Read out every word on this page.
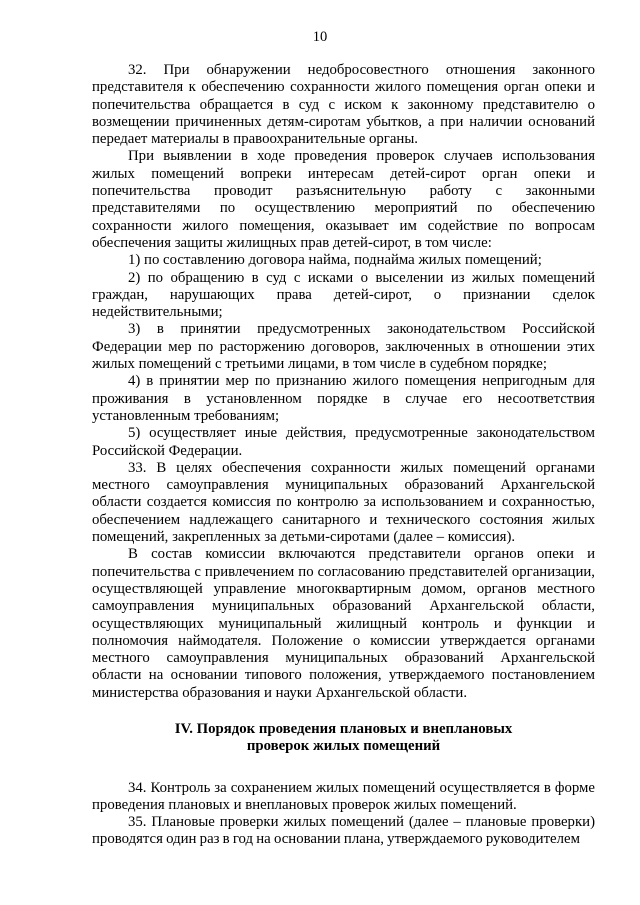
10

32. При обнаружении недобросовестного отношения законного представителя к обеспечению сохранности жилого помещения орган опеки и попечительства обращается в суд с иском к законному представителю о возмещении причиненных детям-сиротам убытков, а при наличии оснований передает материалы в правоохранительные органы.

При выявлении в ходе проведения проверок случаев использования жилых помещений вопреки интересам детей-сирот орган опеки и попечительства проводит разъяснительную работу с законными представителями по осуществлению мероприятий по обеспечению сохранности жилого помещения, оказывает им содействие по вопросам обеспечения защиты жилищных прав детей-сирот, в том числе:

1) по составлению договора найма, поднайма жилых помещений;

2) по обращению в суд с исками о выселении из жилых помещений граждан, нарушающих права детей-сирот, о признании сделок недействительными;

3) в принятии предусмотренных законодательством Российской Федерации мер по расторжению договоров, заключенных в отношении этих жилых помещений с третьими лицами, в том числе в судебном порядке;

4) в принятии мер по признанию жилого помещения непригодным для проживания в установленном порядке в случае его несоответствия установленным требованиям;

5) осуществляет иные действия, предусмотренные законодательством Российской Федерации.

33. В целях обеспечения сохранности жилых помещений органами местного самоуправления муниципальных образований Архангельской области создается комиссия по контролю за использованием и сохранностью, обеспечением надлежащего санитарного и технического состояния жилых помещений, закрепленных за детьми-сиротами (далее – комиссия).

В состав комиссии включаются представители органов опеки и попечительства с привлечением по согласованию представителей организации, осуществляющей управление многоквартирным домом, органов местного самоуправления муниципальных образований Архангельской области, осуществляющих муниципальный жилищный контроль и функции и полномочия наймодателя. Положение о комиссии утверждается органами местного самоуправления муниципальных образований Архангельской области на основании типового положения, утверждаемого постановлением министерства образования и науки Архангельской области.

IV. Порядок проведения плановых и внеплановых
проверок жилых помещений

34. Контроль за сохранением жилых помещений осуществляется в форме проведения плановых и внеплановых проверок жилых помещений.

35. Плановые проверки жилых помещений (далее – плановые проверки) проводятся один раз в год на основании плана, утверждаемого руководителем
